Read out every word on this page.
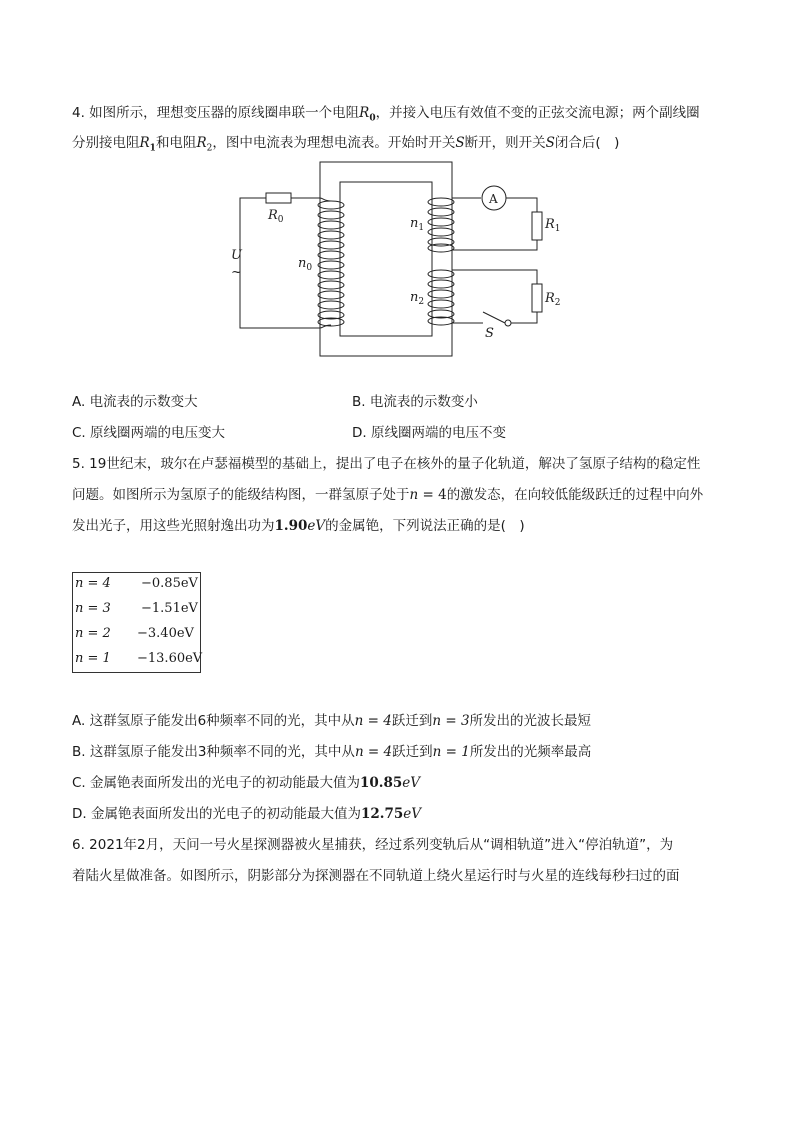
4. 如图所示，理想变压器的原线圈串联一个电阻$R_0$，并接入电压有效值不变的正弦交流电源；两个副线圈
分别接电阻$R_1$和电阻$R_2$，图中电流表为理想电流表。开始时开关S断开，则开关S闭合后(　)
$R_0$
U
~
$n_0$
$n_1$
$n_2$
A
$R_1$
$R_2$
S
A. 电流表的示数变大	B. 电流表的示数变小
C. 原线圈两端的电压变大	D. 原线圈两端的电压不变
5. 19世纪末，玻尔在卢瑟福模型的基础上，提出了电子在核外的量子化轨道，解决了氢原子结构的稳定性
问题。如图所示为氢原子的能级结构图，一群氢原子处于n = 4的激发态，在向较低能级跃迁的过程中向外
发出光子，用这些光照射逸出功为1.90eV的金属铯，下列说法正确的是(　)
n = 4 −0.85eV
n = 3 −1.51eV
n = 2 −3.40eV
n = 1 −13.60eV
A. 这群氢原子能发出6种频率不同的光，其中从n = 4跃迁到n = 3所发出的光波长最短
B. 这群氢原子能发出3种频率不同的光，其中从n = 4跃迁到n = 1所发出的光频率最高
C. 金属铯表面所发出的光电子的初动能最大值为10.85eV
D. 金属铯表面所发出的光电子的初动能最大值为12.75eV
6. 2021年2月，天问一号火星探测器被火星捕获，经过系列变轨后从“调相轨道”进入“停泊轨道”，为
着陆火星做准备。如图所示，阴影部分为探测器在不同轨道上绕火星运行时与火星的连线每秒扫过的面
